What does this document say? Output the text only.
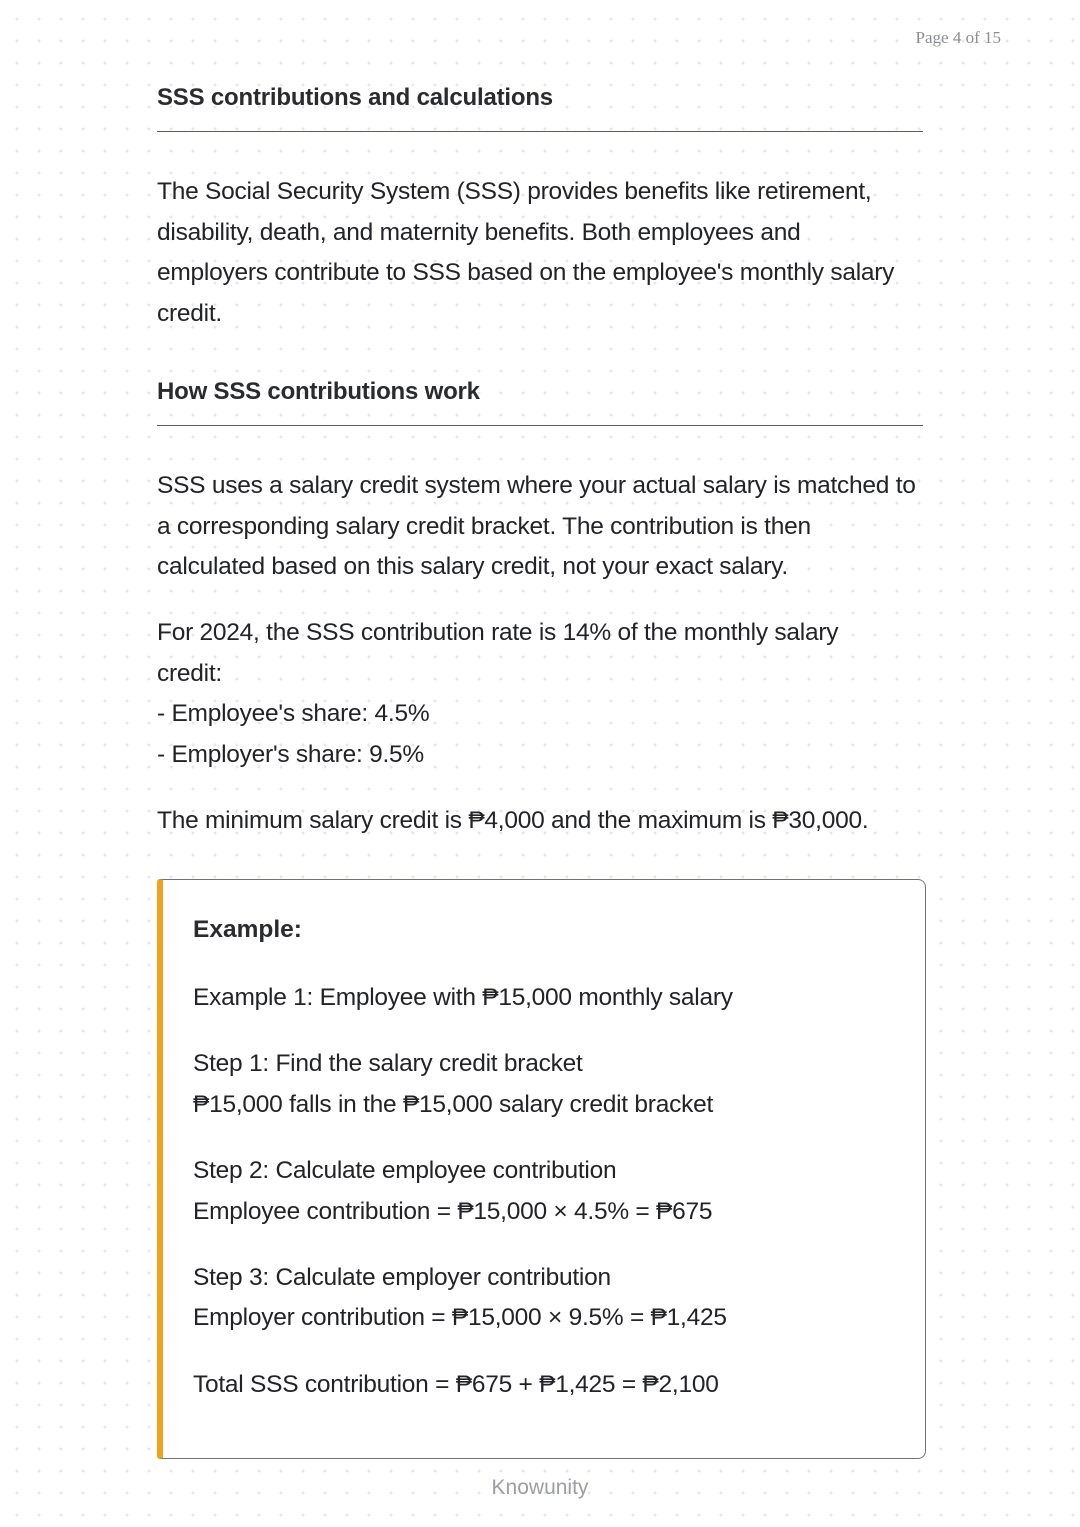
Page 4 of 15
SSS contributions and calculations

The Social Security System (SSS) provides benefits like retirement,
disability, death, and maternity benefits. Both employees and
employers contribute to SSS based on the employee's monthly salary
credit.

How SSS contributions work

SSS uses a salary credit system where your actual salary is matched to
a corresponding salary credit bracket. The contribution is then
calculated based on this salary credit, not your exact salary.

For 2024, the SSS contribution rate is 14% of the monthly salary
credit:
- Employee's share: 4.5%
- Employer's share: 9.5%

The minimum salary credit is ₱4,000 and the maximum is ₱30,000.

Example:
Example 1: Employee with ₱15,000 monthly salary
Step 1: Find the salary credit bracket
₱15,000 falls in the ₱15,000 salary credit bracket
Step 2: Calculate employee contribution
Employee contribution = ₱15,000 × 4.5% = ₱675
Step 3: Calculate employer contribution
Employer contribution = ₱15,000 × 9.5% = ₱1,425
Total SSS contribution = ₱675 + ₱1,425 = ₱2,100
Knowunity
